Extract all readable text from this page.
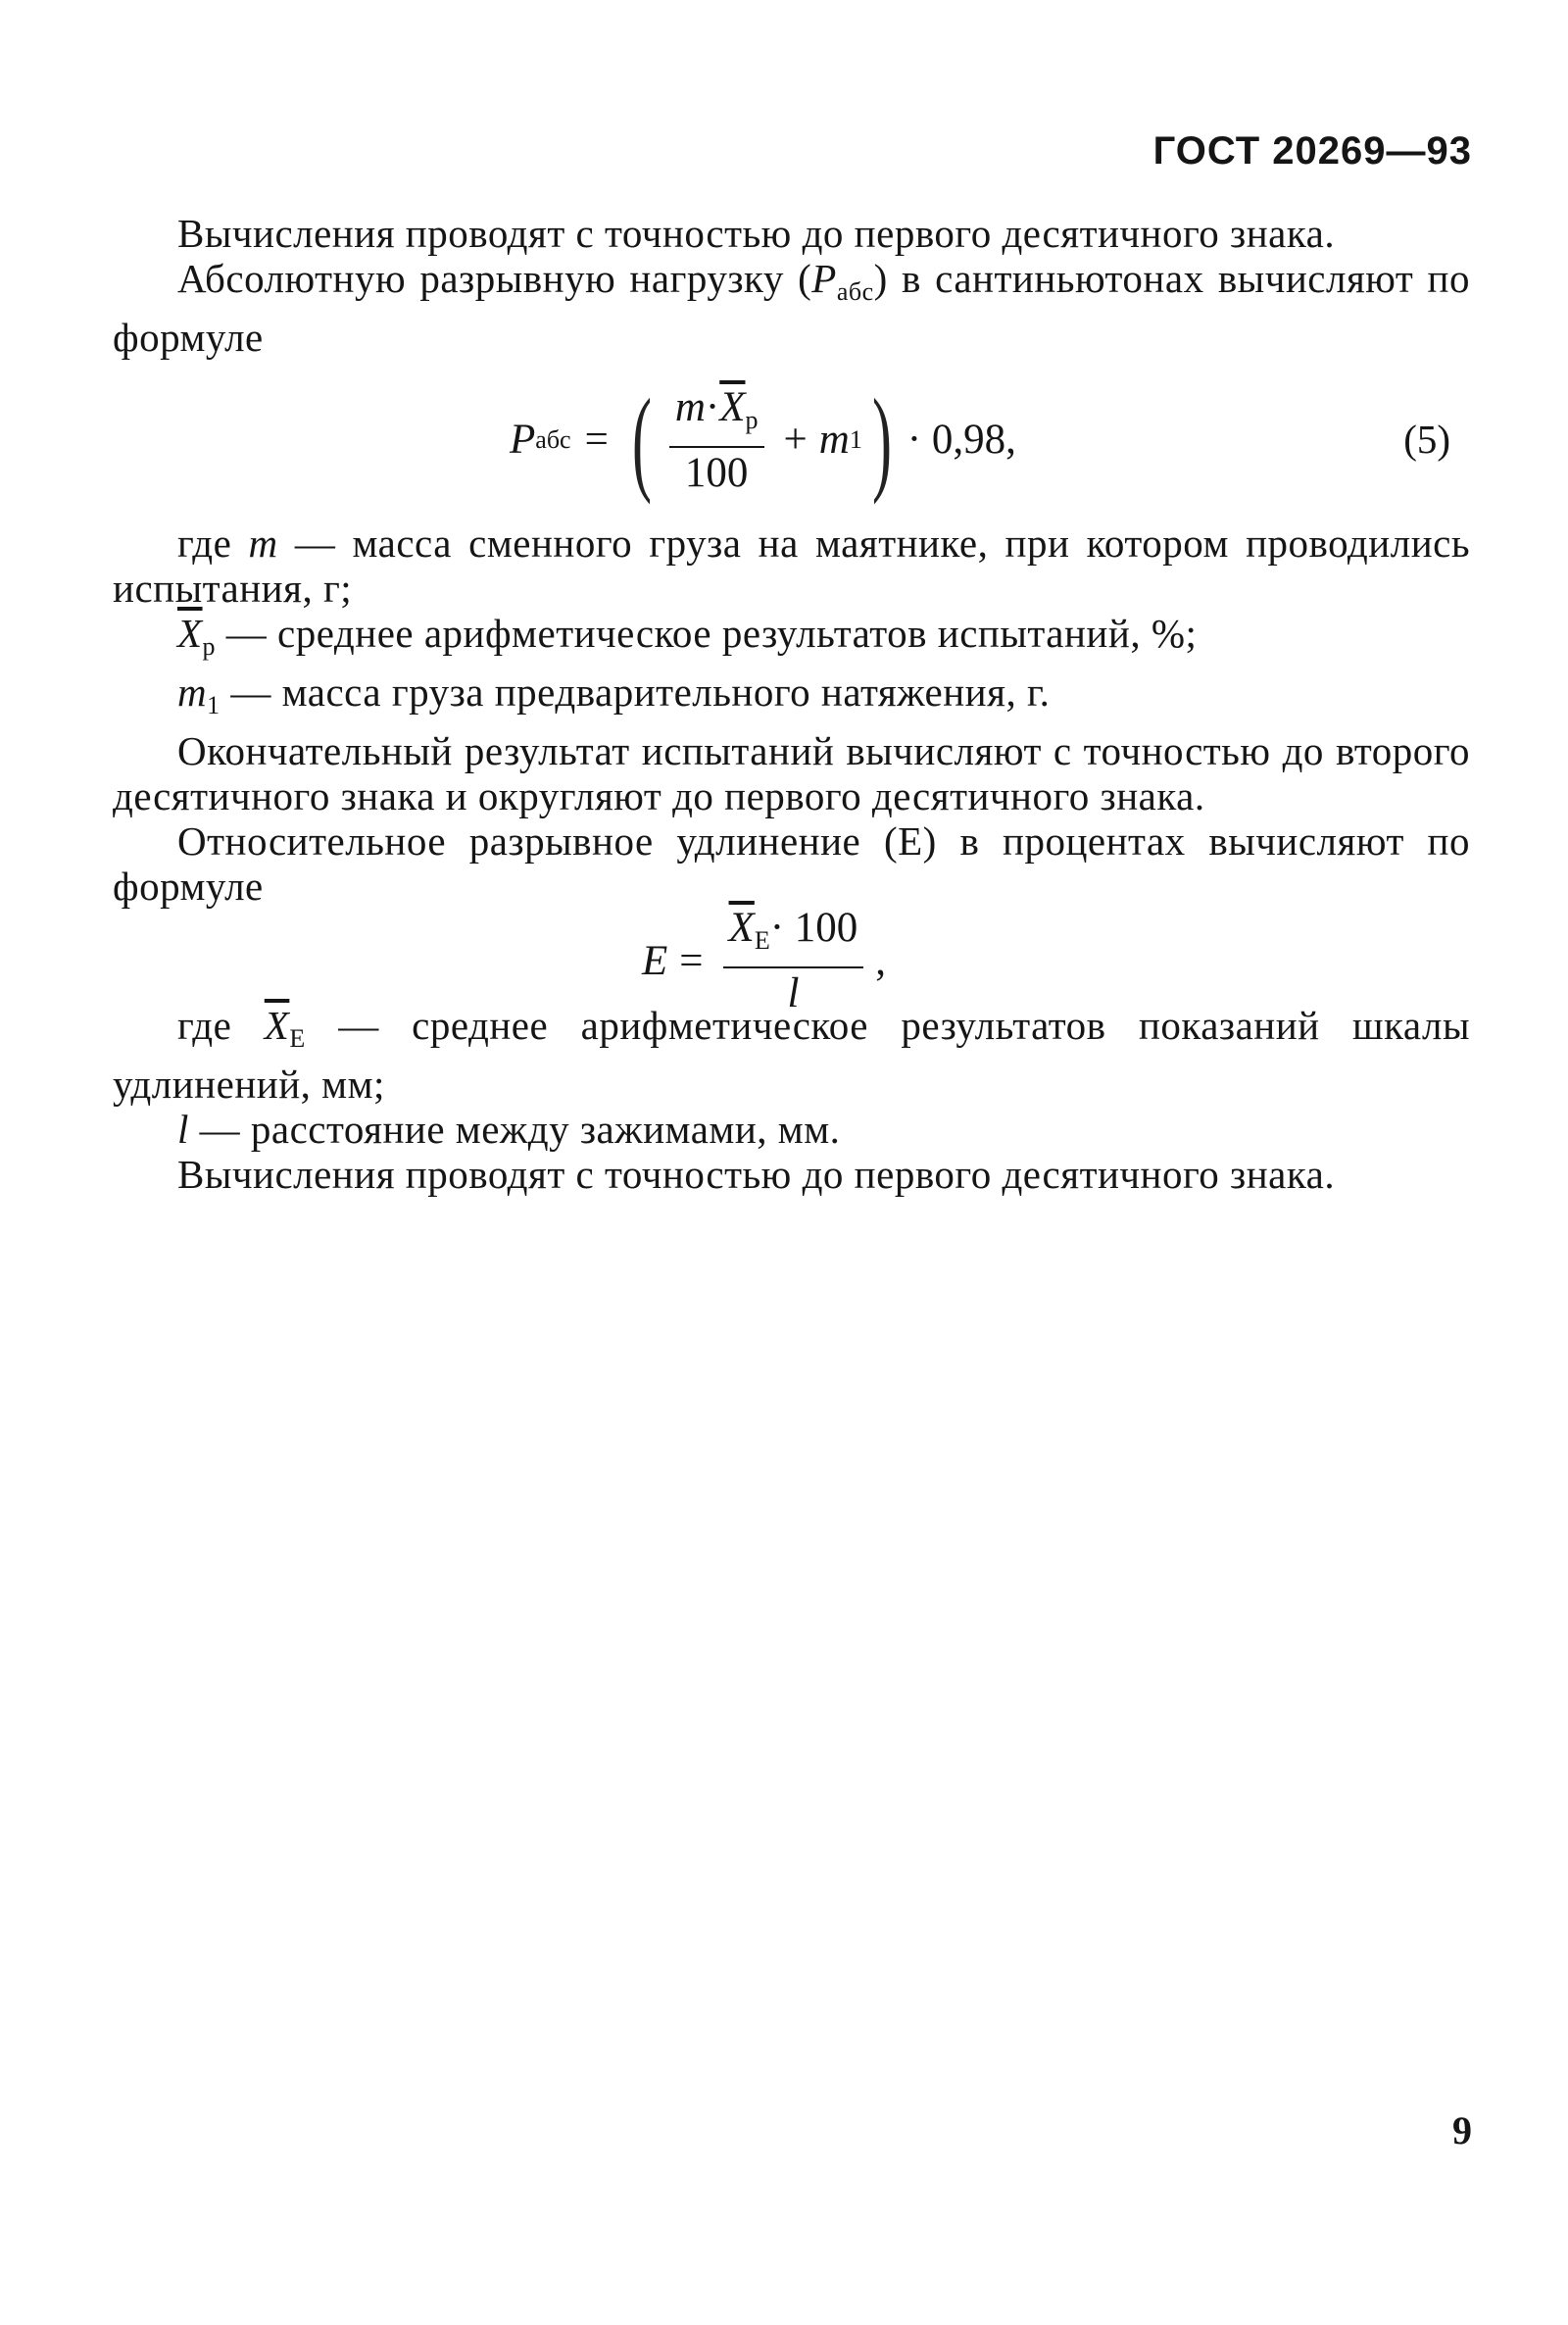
ГОСТ 20269—93

Вычисления проводят с точностью до первого десятичного знака.

Абсолютную разрывную нагрузку $(P_{абс})$ в сантиньютонах вычисляют по формуле

P абс = ( $\frac{m\cdot\overline{X}_p}{100} + m$ 1 ) · 0,98,	(5)

где m — масса сменного груза на маятнике, при котором проводились испытания, г;

$\overline{X}_p$ — среднее арифметическое результатов испытаний, %;

$m_1$ — масса груза предварительного натяжения, г.

Окончательный результат испытаний вычисляют с точностью до второго десятичного знака и округляют до первого десятичного знака.

Относительное разрывное удлинение (Е) в процентах вычисляют по формуле

$E = \frac{\overline{X}_E\cdot 100}{l}$ ,

где $\overline{X}_E$ — среднее арифметическое результатов показаний шкалы удлинений, мм;

l — расстояние между зажимами, мм.

Вычисления проводят с точностью до первого десятичного знака.

9
